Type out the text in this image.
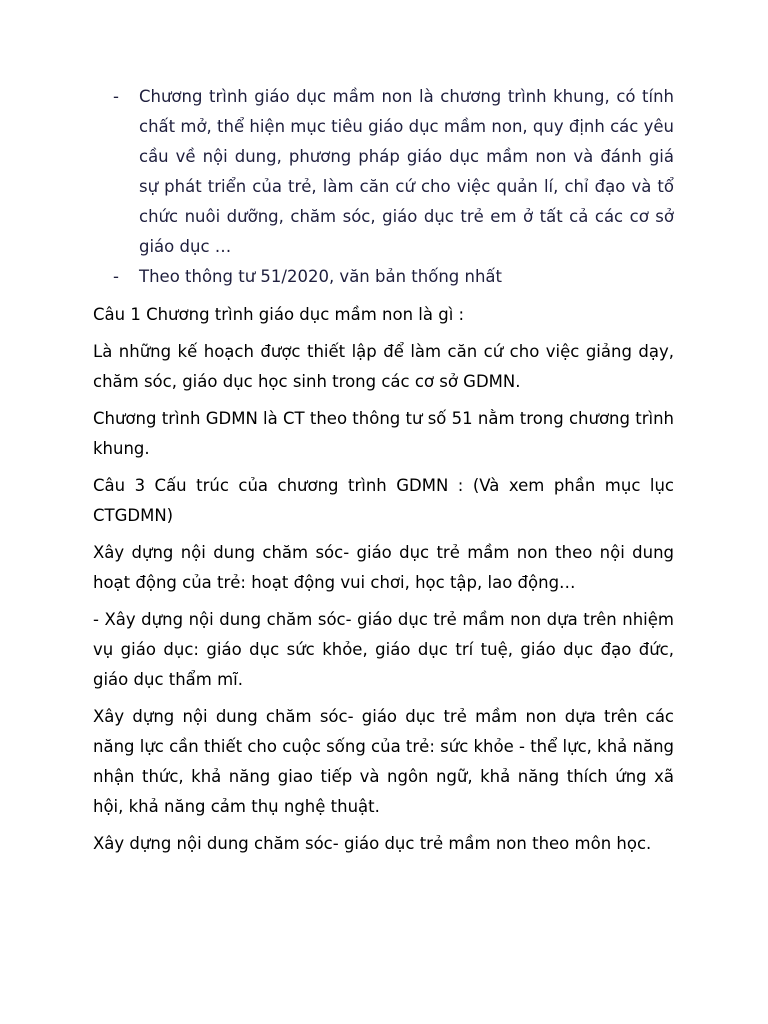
-	Chương trình giáo dục mầm non là chương trình khung, có tính chất mở, thể hiện mục tiêu giáo dục mầm non, quy định các yêu cầu về nội dung, phương pháp giáo dục mầm non và đánh giá sự phát triển của trẻ, làm căn cứ cho việc quản lí, chỉ đạo và tổ chức nuôi dưỡng, chăm sóc, giáo dục trẻ em ở tất cả các cơ sở giáo dục …
-	Theo thông tư 51/2020, văn bản thống nhất

Câu 1 Chương trình giáo dục mầm non là gì :

Là những kế hoạch được thiết lập để làm căn cứ cho việc giảng dạy, chăm sóc, giáo dục học sinh trong các cơ sở GDMN.

Chương trình GDMN là CT theo thông tư số 51 nằm trong chương trình khung.

Câu 3 Cấu trúc của chương trình GDMN : (Và xem phần mục lục CTGDMN)

Xây dựng nội dung chăm sóc- giáo dục trẻ mầm non theo nội dung hoạt động của trẻ: hoạt động vui chơi, học tập, lao động…

- Xây dựng nội dung chăm sóc- giáo dục trẻ mầm non dựa trên nhiệm vụ giáo dục: giáo dục sức khỏe, giáo dục trí tuệ, giáo dục đạo đức, giáo dục thẩm mĩ.

Xây dựng nội dung chăm sóc- giáo dục trẻ mầm non dựa trên các năng lực cần thiết cho cuộc sống của trẻ: sức khỏe - thể lực, khả năng nhận thức, khả năng giao tiếp và ngôn ngữ, khả năng thích ứng xã hội, khả năng cảm thụ nghệ thuật.

Xây dựng nội dung chăm sóc- giáo dục trẻ mầm non theo môn học.
